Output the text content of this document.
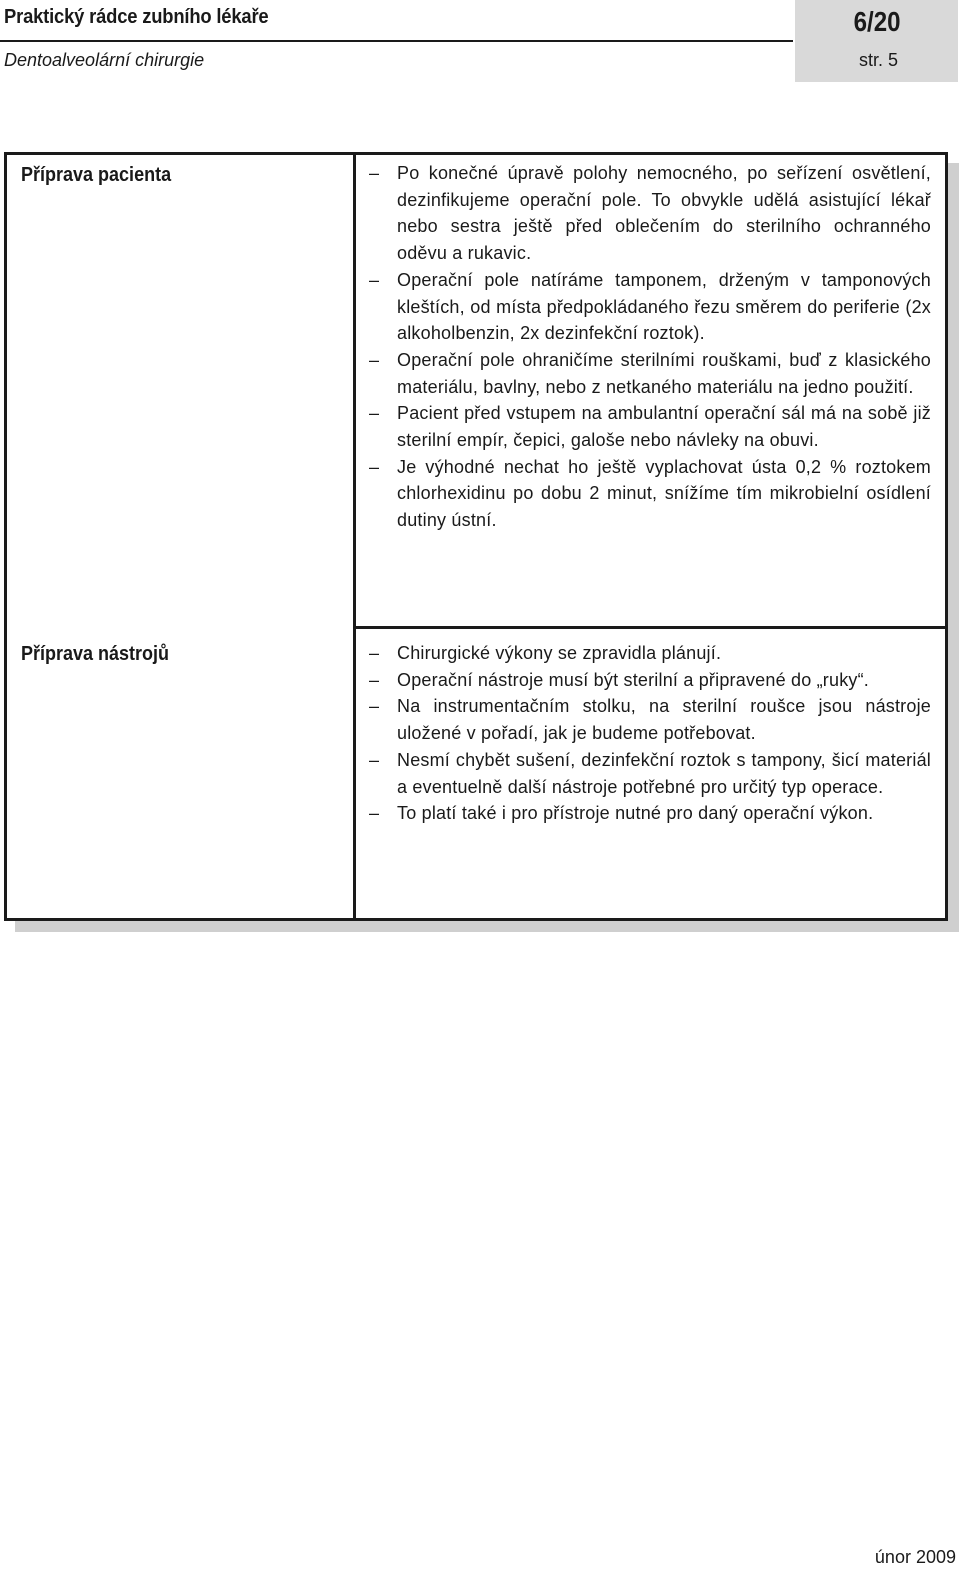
Praktický rádce zubního lékaře
Dentoalveolární chirurgie
6/20
str. 5
Příprava pacienta	– Po konečné úpravě polohy nemocného, po seřízení osvětlení, dezinfikujeme operační pole. To obvykle udělá asistující lékař nebo sestra ještě před oblečením do sterilního ochranného oděvu a rukavic.
– Operační pole natíráme tamponem, drženým v tamponových kleštích, od místa předpokládaného řezu směrem do periferie (2x alkoholbenzin, 2x dezinfekční roztok).
– Operační pole ohraničíme sterilními rouškami, buď z klasického materiálu, bavlny, nebo z netkaného materiálu na jedno použití.
– Pacient před vstupem na ambulantní operační sál má na sobě již sterilní empír, čepici, galoše nebo návleky na obuvi.
– Je výhodné nechat ho ještě vyplachovat ústa 0,2 % roztokem chlorhexidinu po dobu 2 minut, snížíme tím mikrobielní osídlení dutiny ústní.
Příprava nástrojů	– Chirurgické výkony se zpravidla plánují.
– Operační nástroje musí být sterilní a připravené do „ruky“.
– Na instrumentačním stolku, na sterilní roušce jsou nástroje uložené v pořadí, jak je budeme potřebovat.
– Nesmí chybět sušení, dezinfekční roztok s tampony, šicí materiál a eventuelně další nástroje potřebné pro určitý typ operace.
– To platí také i pro přístroje nutné pro daný operační výkon.
únor 2009
